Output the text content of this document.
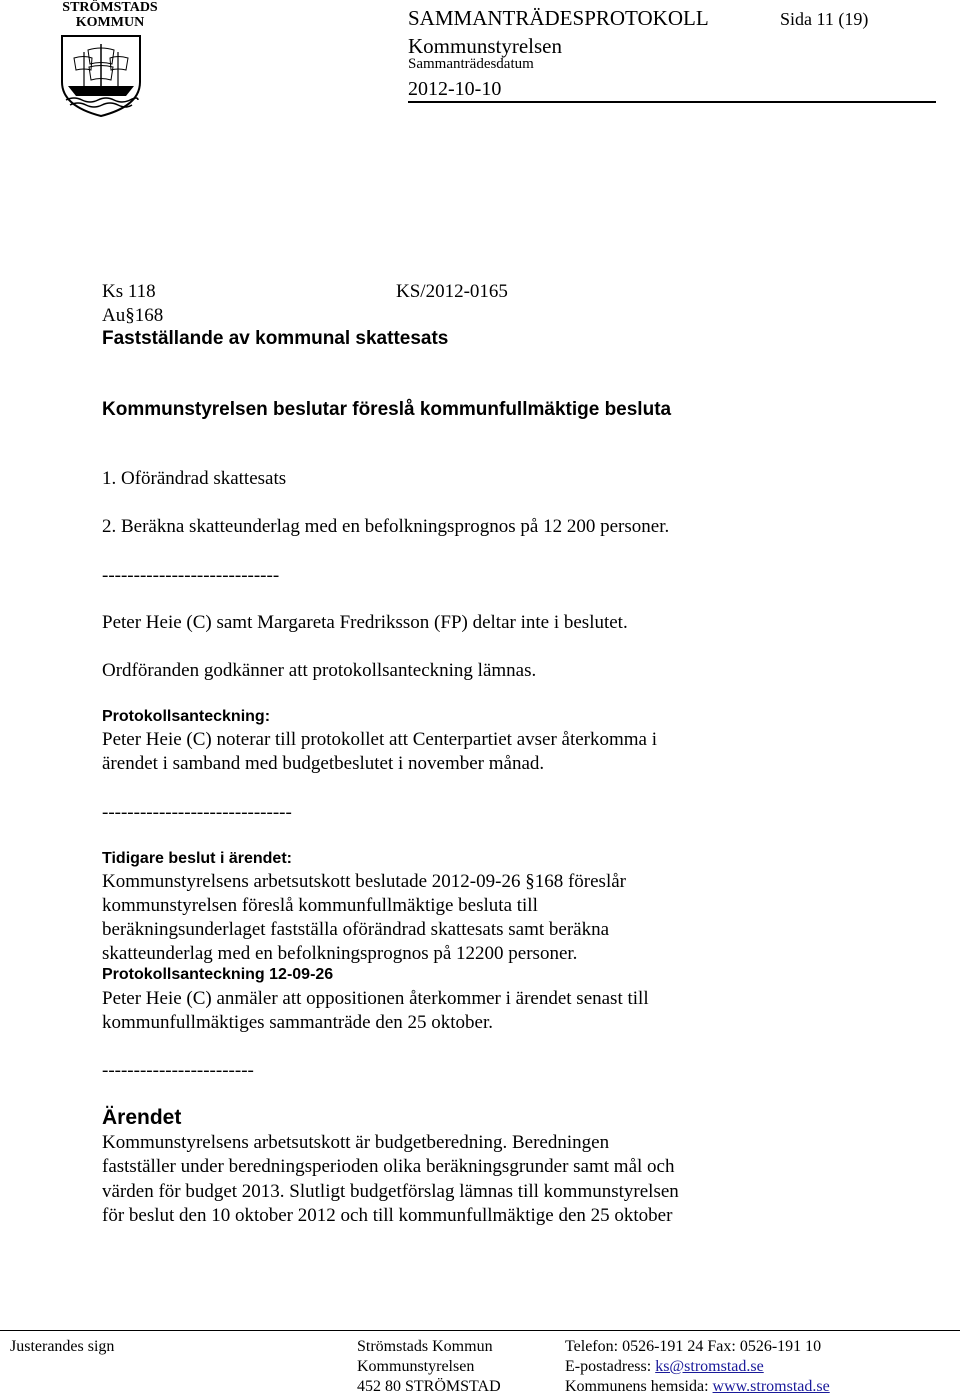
STRÖMSTADS
KOMMUN	SAMMANTRÄDESPROTOKOLL	Sida 11 (19)
Kommunstyrelsen
Sammanträdesdatum
2012-10-10
Ks 118	KS/2012-0165
Au§168
Fastställande av kommunal skattesats
Kommunstyrelsen beslutar föreslå kommunfullmäktige besluta
1. Oförändrad skattesats
2. Beräkna skatteunderlag med en befolkningsprognos på 12 200 personer.
----------------------------
Peter Heie (C) samt Margareta Fredriksson (FP) deltar inte i beslutet.
Ordföranden godkänner att protokollsanteckning lämnas.
Protokollsanteckning:
Peter Heie (C) noterar till protokollet att Centerpartiet avser återkomma i
ärendet i samband med budgetbeslutet i november månad.
------------------------------
Tidigare beslut i ärendet:
Kommunstyrelsens arbetsutskott beslutade 2012-09-26 §168 föreslår
kommunstyrelsen föreslå kommunfullmäktige besluta till
beräkningsunderlaget fastställa oförändrad skattesats samt beräkna
skatteunderlag med en befolkningsprognos på 12200 personer.
Protokollsanteckning 12-09-26
Peter Heie (C) anmäler att oppositionen återkommer i ärendet senast till
kommunfullmäktiges sammanträde den 25 oktober.
------------------------
Ärendet
Kommunstyrelsens arbetsutskott är budgetberedning. Beredningen
fastställer under beredningsperioden olika beräkningsgrunder samt mål och
värden för budget 2013. Slutligt budgetförslag lämnas till kommunstyrelsen
för beslut den 10 oktober 2012 och till kommunfullmäktige den 25 oktober
Justerandes sign	Strömstads Kommun
Kommunstyrelsen
452 80 STRÖMSTAD
Telefon: 0526-191 24 Fax: 0526-191 10
E-postadress: ks@stromstad.se
Kommunens hemsida: www.stromstad.se
